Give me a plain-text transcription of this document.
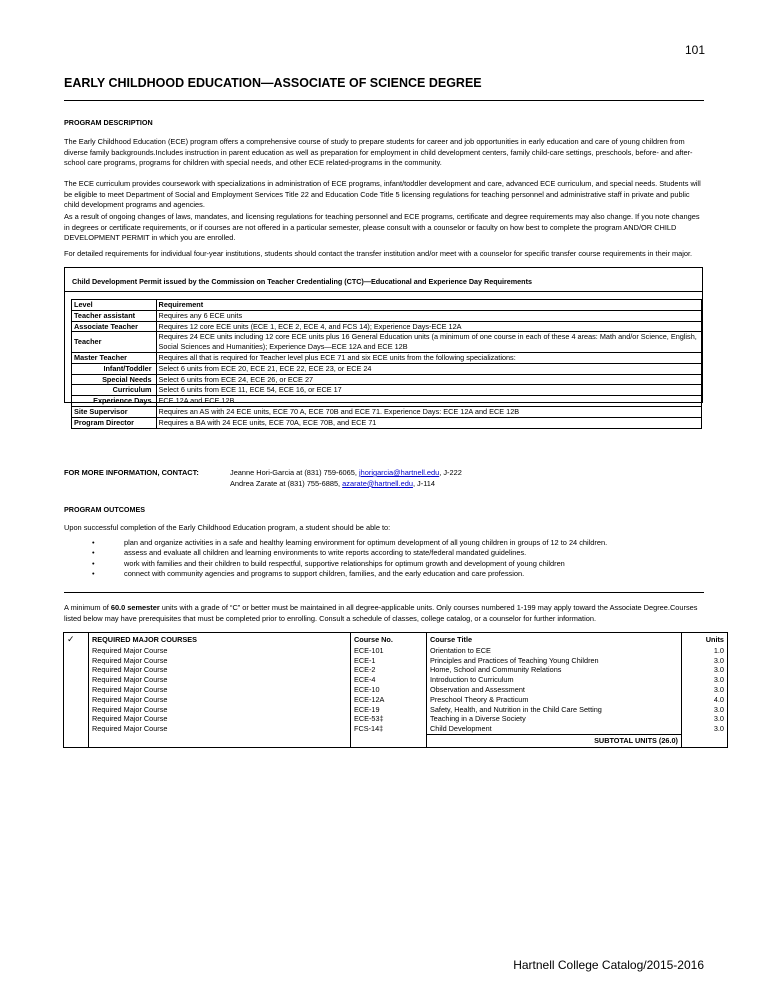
101
EARLY CHILDHOOD EDUCATION—ASSOCIATE OF SCIENCE DEGREE
PROGRAM DESCRIPTION

The Early Childhood Education (ECE) program offers a comprehensive course of study to prepare students for career and job opportunities in early education and care of young children from diverse family backgrounds.Includes instruction in parent education as well as preparation for employment in child development centers, family child-care settings, preschools, before- and after-school care programs, programs for children with special needs, and other ECE related-programs in the community.

The ECE curriculum provides coursework with specializations in administration of ECE programs, infant/toddler development and care, advanced ECE curriculum, and special needs. Students will be eligible to meet Department of Social and Employment Services Title 22 and Education Code Title 5 licensing regulations for teaching personnel and administrative staff in private and public child development programs and agencies.

As a result of ongoing changes of laws, mandates, and licensing regulations for teaching personnel and ECE programs, certificate and degree requirements may also change. If you note changes in degrees or certificate requirements, or if courses are not offered in a particular semester, please consult with a counselor or faculty on how best to complete the program AND/OR CHILD DEVELOPMENT PERMIT in which you are enrolled.

For detailed requirements for individual four-year institutions, students should contact the transfer institution and/or meet with a counselor for specific transfer course requirements in their major.

Child Development Permit issued by the Commission on Teacher Credentialing (CTC)—Educational and Experience Day Requirements
Level	Requirement
Teacher assistant	Requires any 6 ECE units
Associate Teacher	Requires 12 core ECE units (ECE 1, ECE 2, ECE 4, and FCS 14); Experience Days-ECE 12A
Teacher	Requires 24 ECE units including 12 core ECE units plus 16 General Education units (a minimum of one course in each of these 4 areas: Math and/or Science, English, Social Sciences and Humanities); Experience Days—ECE 12A and ECE 12B
Master Teacher	Requires all that is required for Teacher level plus ECE 71 and six ECE units from the following specializations:
Infant/Toddler	Select 6 units from ECE 20, ECE 21, ECE 22, ECE 23, or ECE 24
Special Needs	Select 6 units from ECE 24, ECE 26, or ECE 27
Curriculum	Select 6 units from ECE 11, ECE 54, ECE 16, or ECE 17
Experience Days	ECE 12A and ECE 12B
Site Supervisor	Requires an AS with 24 ECE units, ECE 70 A, ECE 70B and ECE 71. Experience Days: ECE 12A and ECE 12B
Program Director	Requires a BA with 24 ECE units, ECE 70A, ECE 70B, and ECE 71
FOR MORE INFORMATION, CONTACT:	Jeanne Hori-Garcia at (831) 759-6065, jhorigarcia@hartnell.edu, J-222
Andrea Zarate at (831) 755-6885, azarate@hartnell.edu, J-114
PROGRAM OUTCOMES

Upon successful completion of the Early Childhood Education program, a student should be able to:

•	plan and organize activities in a safe and healthy learning environment for optimum development of all young children in groups of 12 to 24 children.
•	assess and evaluate all children and learning environments to write reports according to state/federal mandated guidelines.
•	work with families and their children to build respectful, supportive relationships for optimum growth and development of young children
•	connect with community agencies and programs to support children, families, and the early education and care profession.

A minimum of 60.0 semester units with a grade of “C” or better must be maintained in all degree-applicable units. Only courses numbered 1-199 may apply toward the Associate Degree.Courses listed below may have prerequisites that must be completed prior to enrolling. Consult a schedule of classes, college catalog, or a counselor for further information.

✓	REQUIRED MAJOR COURSES	Course No.	Course Title	Units
	Required Major Course	ECE-101	Orientation to ECE	1.0
	Required Major Course	ECE-1	Principles and Practices of Teaching Young Children	3.0
	Required Major Course	ECE-2	Home, School and Community Relations	3.0
	Required Major Course	ECE-4	Introduction to Curriculum	3.0
	Required Major Course	ECE-10	Observation and Assessment	3.0
	Required Major Course	ECE-12A	Preschool Theory & Practicum	4.0
	Required Major Course	ECE-19	Safety, Health, and Nutrition in the Child Care Setting	3.0
	Required Major Course	ECE-53‡	Teaching in a Diverse Society	3.0
	Required Major Course	FCS-14‡	Child Development	3.0
			SUBTOTAL UNITS (26.0)	
Hartnell College Catalog/2015-2016
